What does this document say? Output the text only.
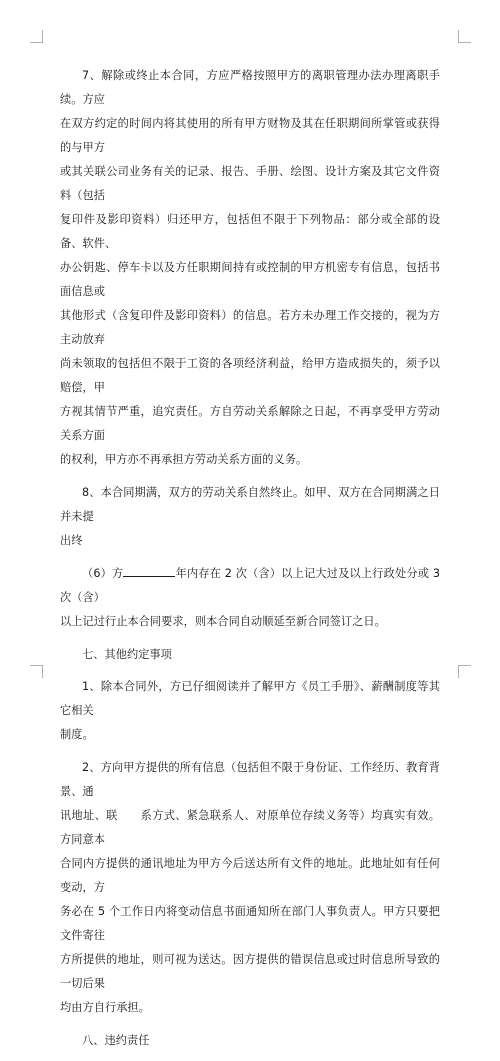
7、解除或终止本合同，方应严格按照甲方的离职管理办法办理离职手续。方应
在双方约定的时间内将其使用的所有甲方财物及其在任职期间所掌管或获得的与甲方
或其关联公司业务有关的记录、报告、手册、绘图、设计方案及其它文件资料（包括
复印件及影印资料）归还甲方，包括但不限于下列物品：部分或全部的设备、软件、
办公钥匙、停车卡以及方任职期间持有或控制的甲方机密专有信息，包括书面信息或
其他形式（含复印件及影印资料）的信息。若方未办理工作交接的，视为方主动放弃
尚未领取的包括但不限于工资的各项经济利益，给甲方造成损失的，须予以赔偿，甲
方视其情节严重，追究责任。方自劳动关系解除之日起，不再享受甲方劳动关系方面
的权利，甲方亦不再承担方劳动关系方面的义务。
8、本合同期满，双方的劳动关系自然终止。如甲、双方在合同期满之日并未提
出终
（6）方	年内存在 2 次（含）以上记大过及以上行政处分或 3 次（含）
以上记过行止本合同要求，则本合同自动顺延至新合同签订之日。
七、其他约定事项
1、除本合同外，方已仔细阅读并了解甲方《员工手册》、薪酬制度等其它相关
制度。
2、方向甲方提供的所有信息（包括但不限于身份证、工作经历、教育背景、通
讯地址、联　　系方式、紧急联系人、对原单位存续义务等）均真实有效。方同意本
合同内方提供的通讯地址为甲方今后送达所有文件的地址。此地址如有任何变动，方
务必在 5 个工作日内将变动信息书面通知所在部门人事负责人。甲方只要把文件寄往
方所提供的地址，则可视为送达。因方提供的错误信息或过时信息所导致的一切后果
均由方自行承担。
八、违约责任
